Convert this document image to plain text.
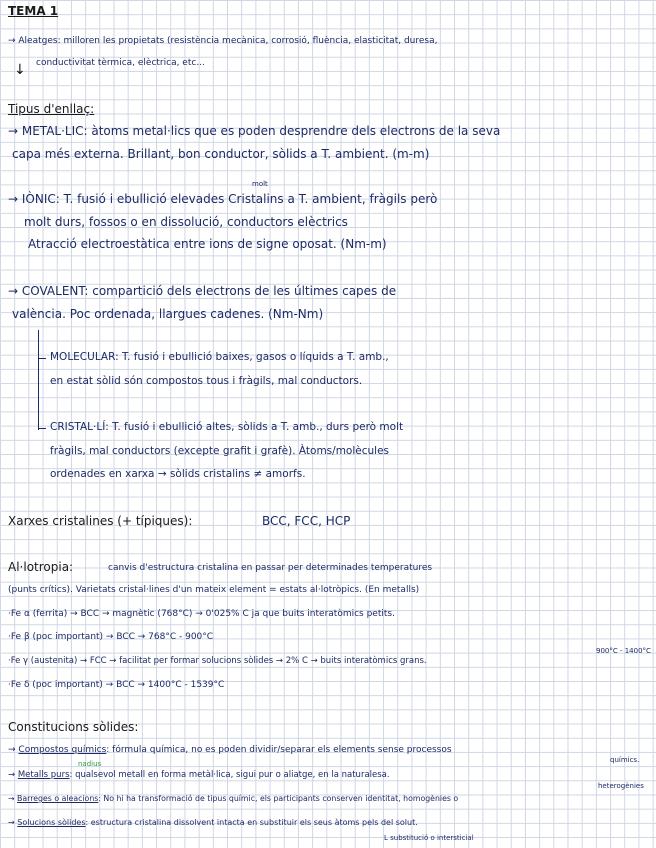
TEMA 1
→ Aleatges: milloren les propietats (resistència mecànica, corrosió, fluència, elasticitat, duresa,
conductivitat tèrmica, elèctrica, etc...
↓
Tipus d'enllaç:
→ METAL·LIC: àtoms metal·lics que es poden desprendre dels electrons de la seva
capa més externa. Brillant, bon conductor, sòlids a T. ambient. (m-m)
molt
→ IÒNIC: T. fusió i ebullició elevades Cristalins a T. ambient, fràgils però
molt durs, fossos o en dissolució, conductors elèctrics
Atracció electroestàtica entre ions de signe oposat. (Nm-m)
→ COVALENT: compartició dels electrons de les últimes capes de
valència. Poc ordenada, llargues cadenes. (Nm-Nm)
MOLECULAR: T. fusió i ebullició baixes, gasos o líquids a T. amb.,
en estat sòlid són compostos tous i fràgils, mal conductors.
CRISTAL·LÍ: T. fusió i ebullició altes, sòlids a T. amb., durs però molt
fràgils, mal conductors (excepte grafit i grafè). Àtoms/molècules
ordenades en xarxa → sòlids cristalins ≠ amorfs.
Xarxes cristalines (+ típiques):	BCC, FCC, HCP
Al·lotropia:	canvis d'estructura cristalina en passar per determinades temperatures
(punts crítics). Varietats cristal·lines d'un mateix element = estats al·lotròpics. (En metalls)
·Fe α (ferrita) → BCC → magnètic (768°C) → 0'025% C ja que buits interatòmics petits.
·Fe β (poc important) → BCC → 768°C - 900°C
900°C - 1400°C
·Fe γ (austenita) → FCC → facilitat per formar solucions sòlides → 2% C → buits interatòmics grans.
·Fe δ (poc important) → BCC → 1400°C - 1539°C
Constitucions sòlides:
→ Compostos químics: fórmula química, no es poden dividir/separar els elements sense processos
químics.
nadius
→ Metalls purs: qualsevol metall en forma metàl·lica, sigui pur o aliatge, en la naturalesa.
heterogènies
→ Barreges o aleacions: No hi ha transformació de tipus químic, els participants conserven identitat, homogènies o
→ Solucions sòlides: estructura cristalina dissolvent intacta en substituir els seus àtoms pels del solut.
L substitució o intersticial
